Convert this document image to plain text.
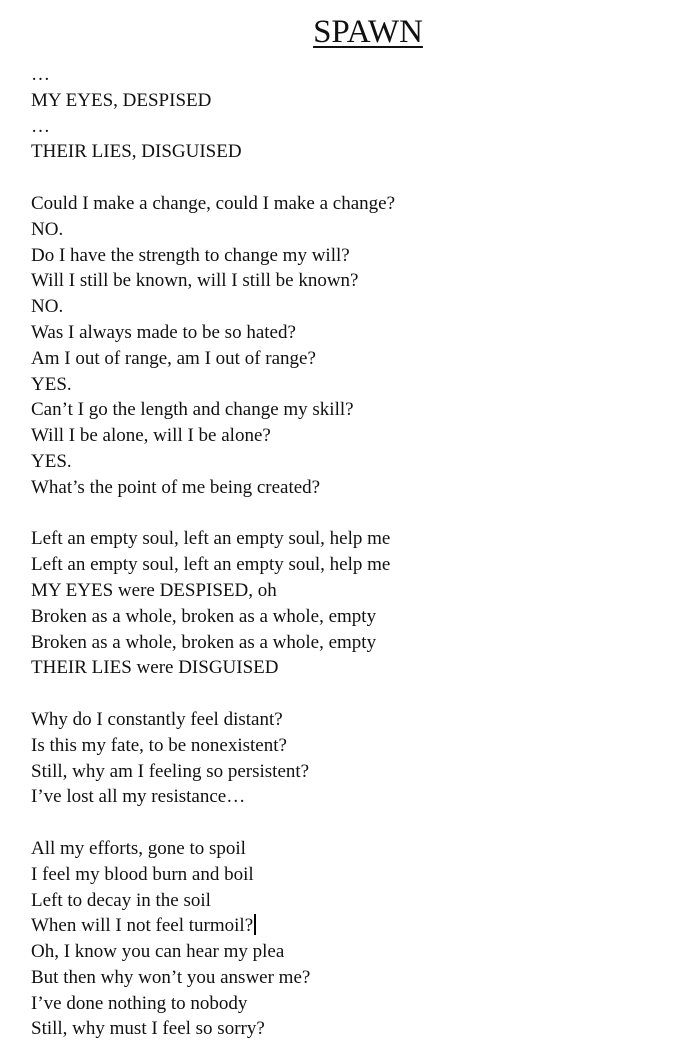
SPAWN
…
MY EYES, DESPISED
…
THEIR LIES, DISGUISED
Could I make a change, could I make a change?
NO.
Do I have the strength to change my will?
Will I still be known, will I still be known?
NO.
Was I always made to be so hated?
Am I out of range, am I out of range?
YES.
Can’t I go the length and change my skill?
Will I be alone, will I be alone?
YES.
What’s the point of me being created?
Left an empty soul, left an empty soul, help me
Left an empty soul, left an empty soul, help me
MY EYES were DESPISED, oh
Broken as a whole, broken as a whole, empty
Broken as a whole, broken as a whole, empty
THEIR LIES were DISGUISED
Why do I constantly feel distant?
Is this my fate, to be nonexistent?
Still, why am I feeling so persistent?
I’ve lost all my resistance…
All my efforts, gone to spoil
I feel my blood burn and boil
Left to decay in the soil
When will I not feel turmoil?
Oh, I know you can hear my plea
But then why won’t you answer me?
I’ve done nothing to nobody
Still, why must I feel so sorry?
